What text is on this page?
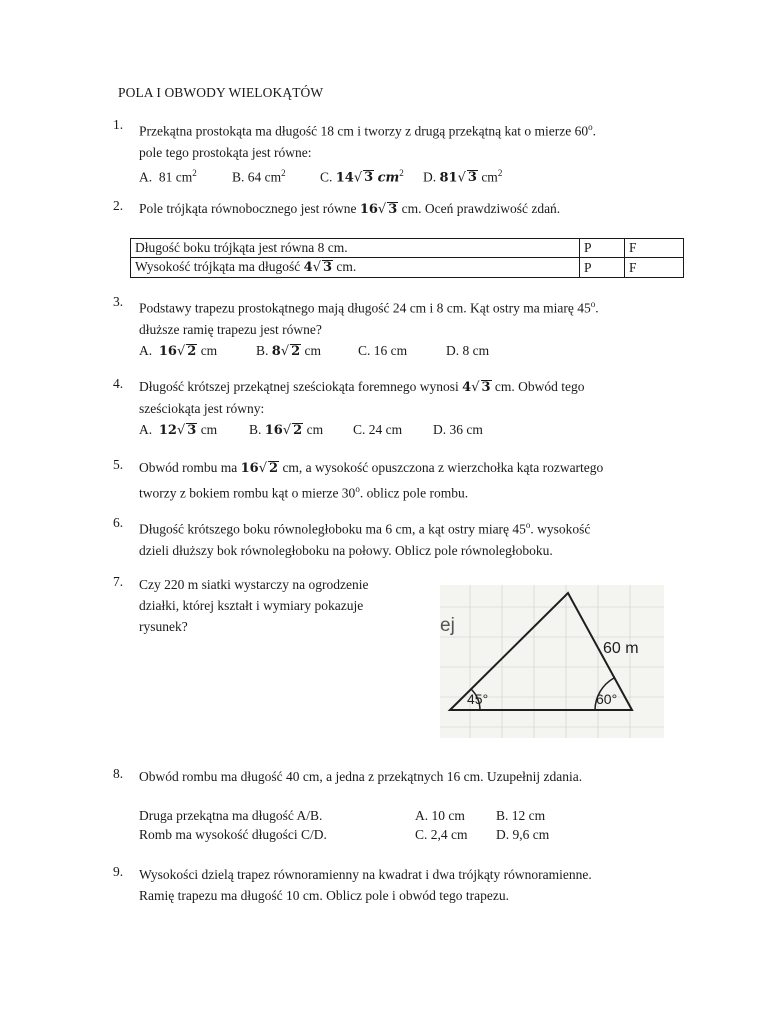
POLA I OBWODY WIELOKĄTÓW
1.	Przekątna prostokąta ma długość 18 cm i tworzy z drugą przekątną kat o mierze 60$^o$.
pole tego prostokąta jest równe:
A. 81 $cm^2$	B. 64 $cm^2$	C. 14√ 3 $cm^2$ D. 81√ 3 $cm^2$
2.	Pole trójkąta równobocznego jest równe 16√ 3 cm. Oceń prawdziwość zdań.
Długość boku trójkąta jest równa 8 cm.	P	F
Wysokość trójkąta ma długość 4√ 3 cm.	P	F
3.	Podstawy trapezu prostokątnego mają długość 24 cm i 8 cm. Kąt ostry ma miarę 45$^o$.
dłuższe ramię trapezu jest równe?
A. 16√ 2 cm	B. 8√ 2 cm	C. 16 cm	D. 8 cm
4.	Długość krótszej przekątnej sześciokąta foremnego wynosi 4√ 3 cm. Obwód tego
sześciokąta jest równy:
A. 12√ 3 cm B. 16√ 2 cm C. 24 cm D. 36 cm
5.	Obwód rombu ma 16√ 2 cm, a wysokość opuszczona z wierzchołka kąta rozwartego
tworzy z bokiem rombu kąt o mierze 30$^o$. oblicz pole rombu.
6.	Długość krótszego boku równoległoboku ma 6 cm, a kąt ostry miarę 45$^o$. wysokość
dzieli dłuższy bok równoległoboku na połowy. Oblicz pole równoległoboku.
7.	Czy 220 m siatki wystarczy na ogrodzenie
działki, której kształt i wymiary pokazuje
rysunek?	ej
60 m
45°	60°
8.	Obwód rombu ma długość 40 cm, a jedna z przekątnych 16 cm. Uzupełnij zdania.
Druga przekątna ma długość A/B.	A. 10 cm B. 12 cm
Romb ma wysokość długości C/D.	C. 2,4 cm D. 9,6 cm
9.	Wysokości dzielą trapez równoramienny na kwadrat i dwa trójkąty równoramienne.
Ramię trapezu ma długość 10 cm. Oblicz pole i obwód tego trapezu.
